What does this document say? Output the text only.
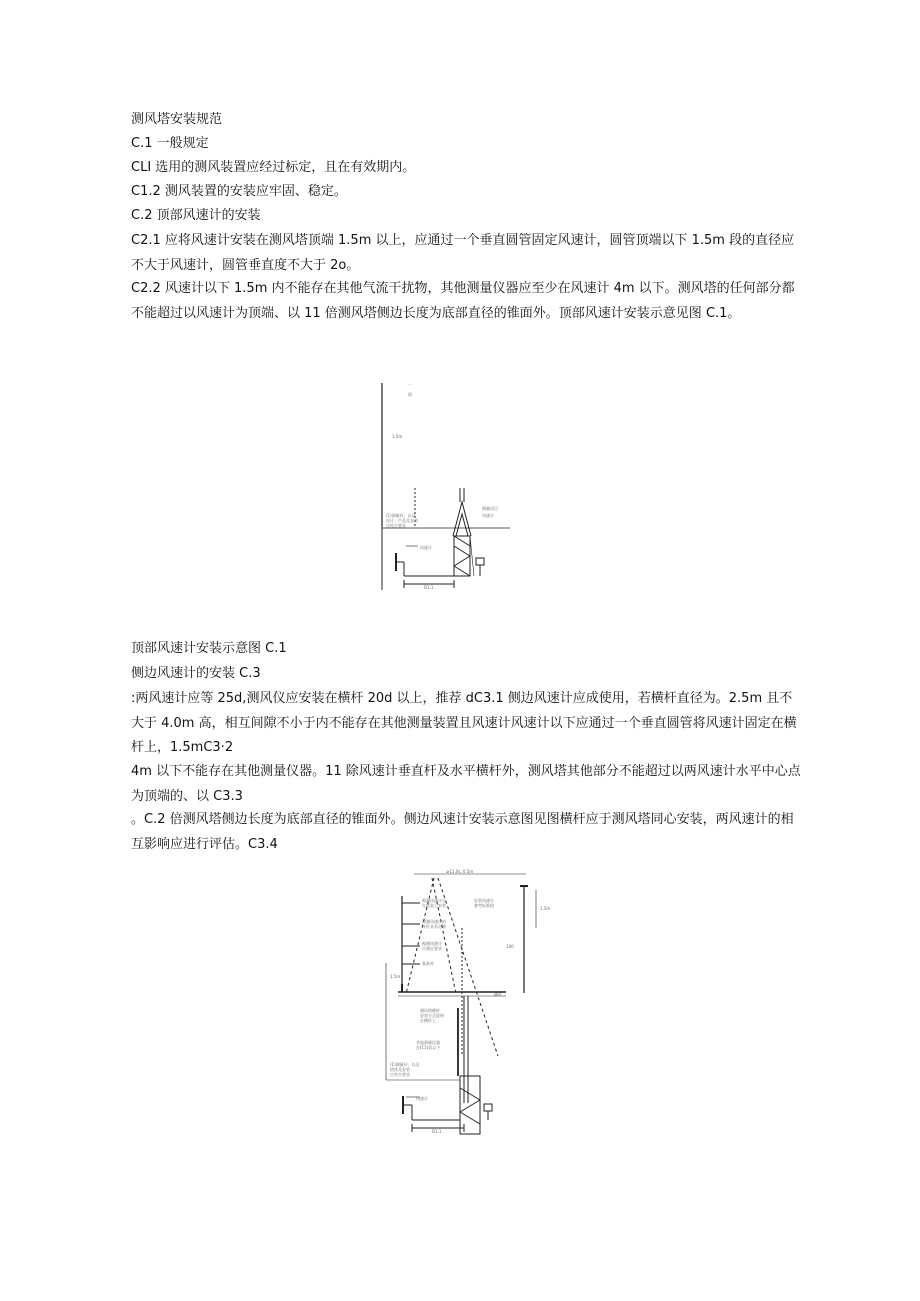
测风塔安装规范
C.1 一般规定
CLI 选用的测风装置应经过标定，且在有效期内。
C1.2 测风装置的安装应牢固、稳定。
C.2 顶部风速计的安装

C2.1 应将风速计安装在测风塔顶端 1.5m 以上，应通过一个垂直圆管固定风速计，圆管顶端以下 1.5m 段的直径应不大于风速计，圆管垂直度不大于 2o。

C2.2 风速计以下 1.5m 内不能存在其他气流干扰物，其他测量仪器应至少在风速计 4m 以下。测风塔的任何部分都不能超过以风速计为顶端、以 11 倍测风塔侧边长度为底部直径的锥面外。顶部风速计安装示意见图 C.1。

一
塔
1.5m
(1)测量杆，以及
设计、产品及安装
应符合要求
测量项目
风速计
风速计
D1.1
顶部风速计安装示意图 C.1
侧边风速计的安装 C.3

:两风速计应等 25d,测风仪应安装在横杆 20d 以上，推荐 dC3.1 侧边风速计应成使用，若横杆直径为。2.5m 且不大于 4.0m 高，相互间隙不小于内不能存在其他测量装置且风速计风速计以下应通过一个垂直圆管将风速计固定在横杆上，1.5mC3·2

4m 以下不能存在其他测量仪器。11 除风速计垂直杆及水平横杆外，测风塔其他部分不能超过以两风速计水平中心点为顶端的、以 C3.3

。C.2 倍测风塔侧边长度为底部直径的锥面外。侧边风速计安装示意图见图横杆应于测风塔同心安装，两风速计的相互影响应进行评估。C3.4

≥11.0s, 0.5m
被测风速计应
在塔架上安装
被测风速计的
支杆具有足够
被测风速计
应满足要求
基准杆
安装风速计
参考标准值
100
1.5m
1.5m
测风塔横杆
安装方式说明
在横杆上
其他测量仪器
在(11)倍以下
(1)测量杆，以及
塔体及安装
应符合要求
风速计
D1.1
横杆
